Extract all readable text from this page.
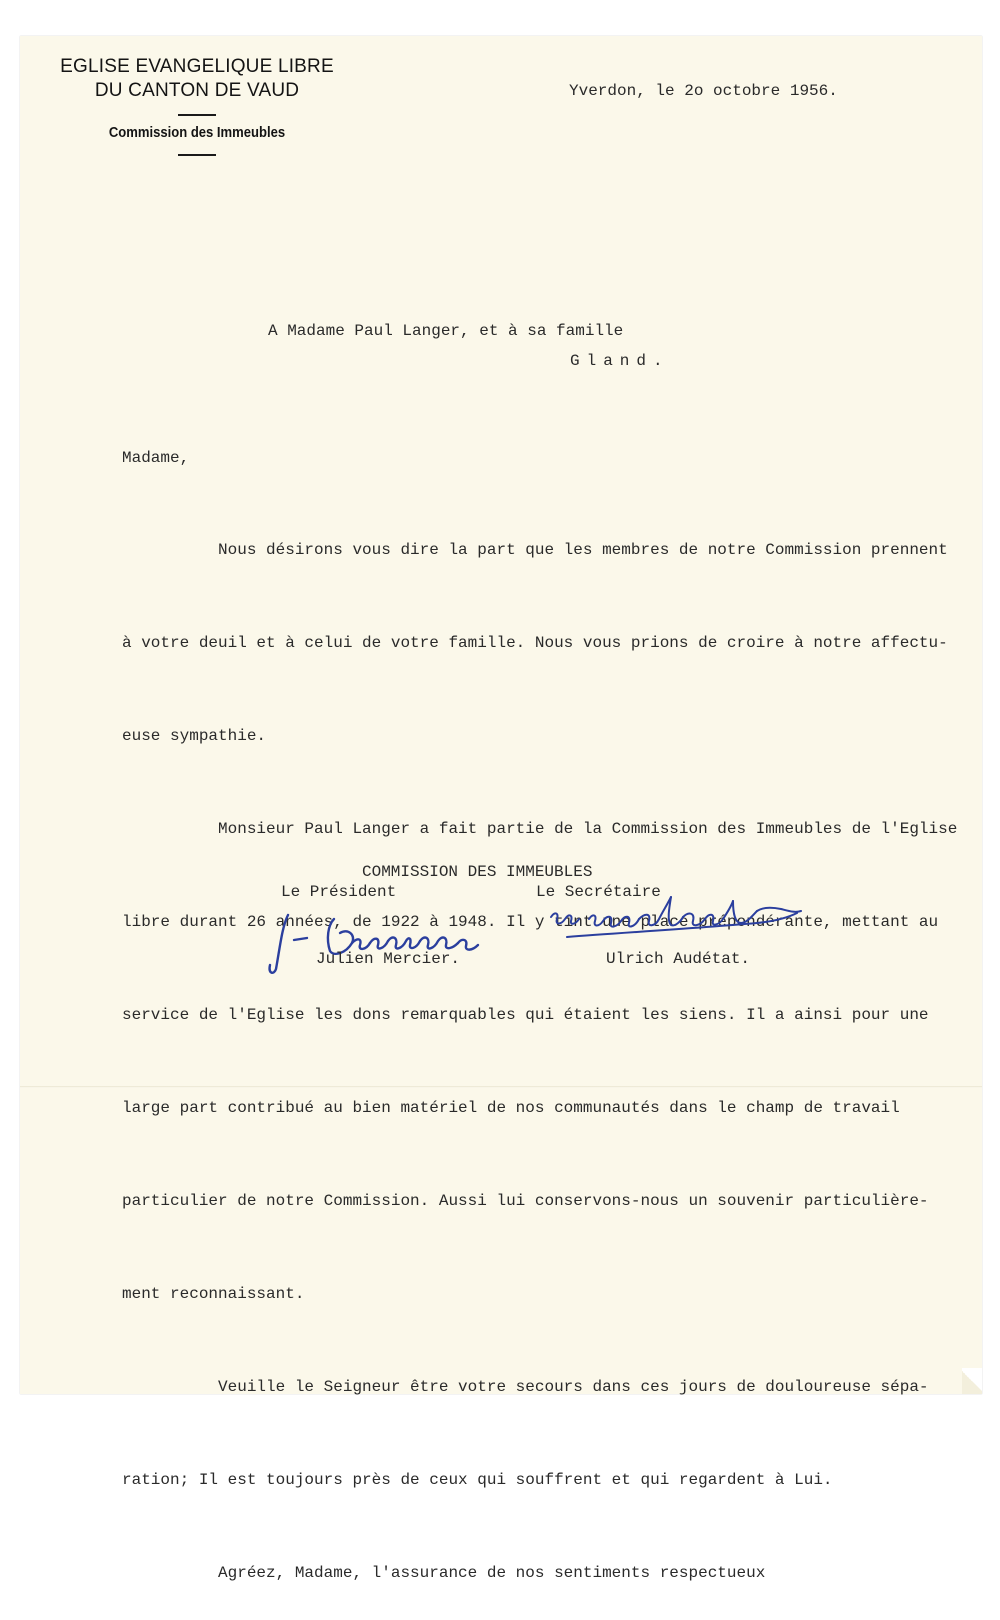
EGLISE EVANGELIQUE LIBRE
DU CANTON DE VAUD
Commission des Immeubles
Yverdon, le 2o octobre 1956.
A Madame Paul Langer, et à sa famille
Gland.
Madame,

Nous désirons vous dire la part que les membres de notre Commission prennent

à votre deuil et à celui de votre famille. Nous vous prions de croire à notre affectu-

euse sympathie.

Monsieur Paul Langer a fait partie de la Commission des Immeubles de l'Eglise

libre durant 26 années, de 1922 à 1948. Il y tint une place prépondérante, mettant au

service de l'Eglise les dons remarquables qui étaient les siens. Il a ainsi pour une

large part contribué au bien matériel de nos communautés dans le champ de travail

particulier de notre Commission. Aussi lui conservons-nous un souvenir particulière-

ment reconnaissant.

Veuille le Seigneur être votre secours dans ces jours de douloureuse sépa-

ration; Il est toujours près de ceux qui souffrent et qui regardent à Lui.

Agréez, Madame, l'assurance de nos sentiments respectueux

COMMISSION DES IMMEUBLES
Le Président	Le Secrétaire
Julien Mercier.	Ulrich Audétat.
